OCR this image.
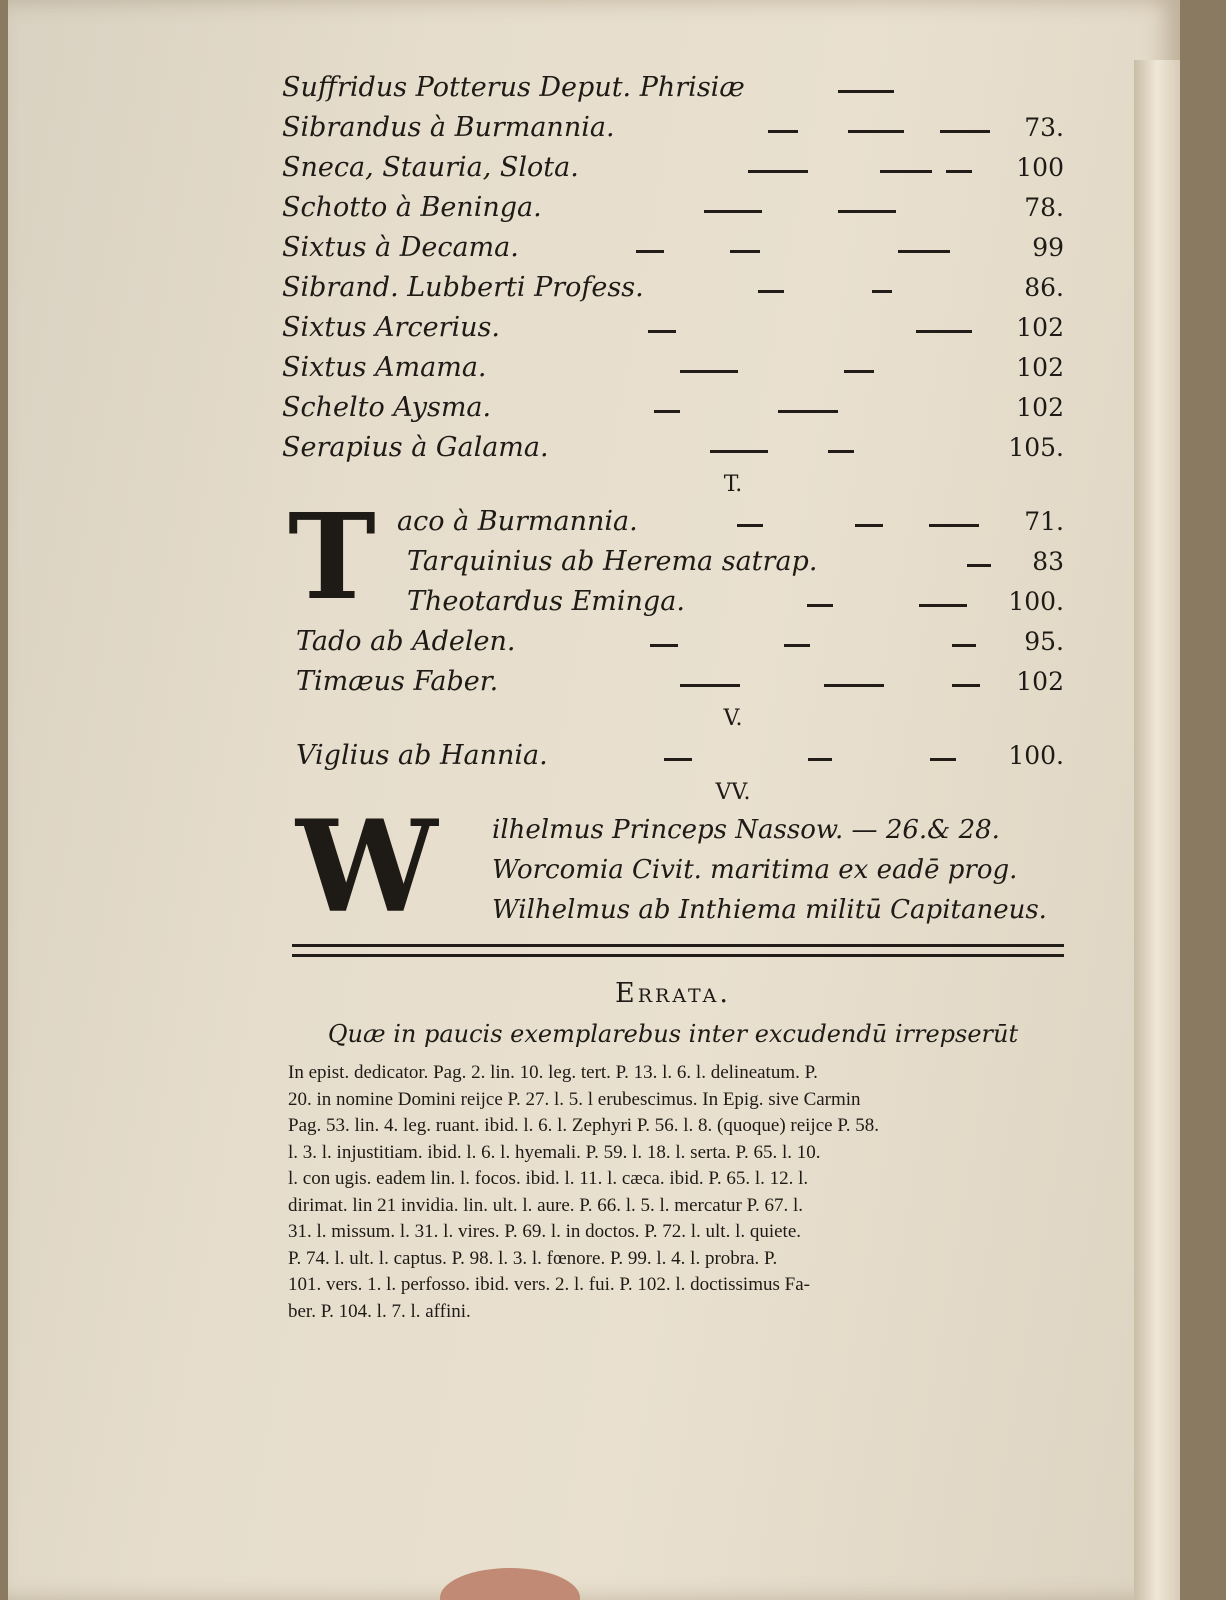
Suffridus Potterus Deput. Phrisiæ
Sibrandus à Burmannia.	73.
Sneca, Stauria, Slota.	100
Schotto à Beninga.	78.
Sixtus à Decama.	99
Sibrand. Lubberti Profess.	86.
Sixtus Arcerius.	102
Sixtus Amama.	102
Schelto Aysma.	102
Serapius à Galama.	105.
T.
T aco à Burmannia.	71.
Tarquinius ab Herema satrap.	83
Theotardus Eminga.	100.
Tado ab Adelen.	95.
Timæus Faber.	102
V.
Viglius ab Hannia.	100.
VV.
W ilhelmus Princeps Nassow. — 26.& 28.
Worcomia Civit. maritima ex eadē prog.
Wilhelmus ab Inthiema militū Capitaneus.
Errata.
Quæ in paucis exemplarebus inter excudendū irrepserūt
In epist. dedicator. Pag. 2. lin. 10. leg. tert. P. 13. l. 6. l. delineatum. P.
20. in nomine Domini reijce P. 27. l. 5. l erubescimus. In Epig. sive Carmin
Pag. 53. lin. 4. leg. ruant. ibid. l. 6. l. Zephyri P. 56. l. 8. (quoque) reijce P. 58.
l. 3. l. injustitiam. ibid. l. 6. l. hyemali. P. 59. l. 18. l. serta. P. 65. l. 10.
l. con ugis. eadem lin. l. focos. ibid. l. 11. l. cæca. ibid. P. 65. l. 12. l.
dirimat. lin 21 invidia. lin. ult. l. aure. P. 66. l. 5. l. mercatur P. 67. l.
31. l. missum. l. 31. l. vires. P. 69. l. in doctos. P. 72. l. ult. l. quiete.
P. 74. l. ult. l. captus. P. 98. l. 3. l. fœnore. P. 99. l. 4. l. probra. P.
101. vers. 1. l. perfosso. ibid. vers. 2. l. fui. P. 102. l. doctissimus Fa-
ber. P. 104. l. 7. l. affini.
